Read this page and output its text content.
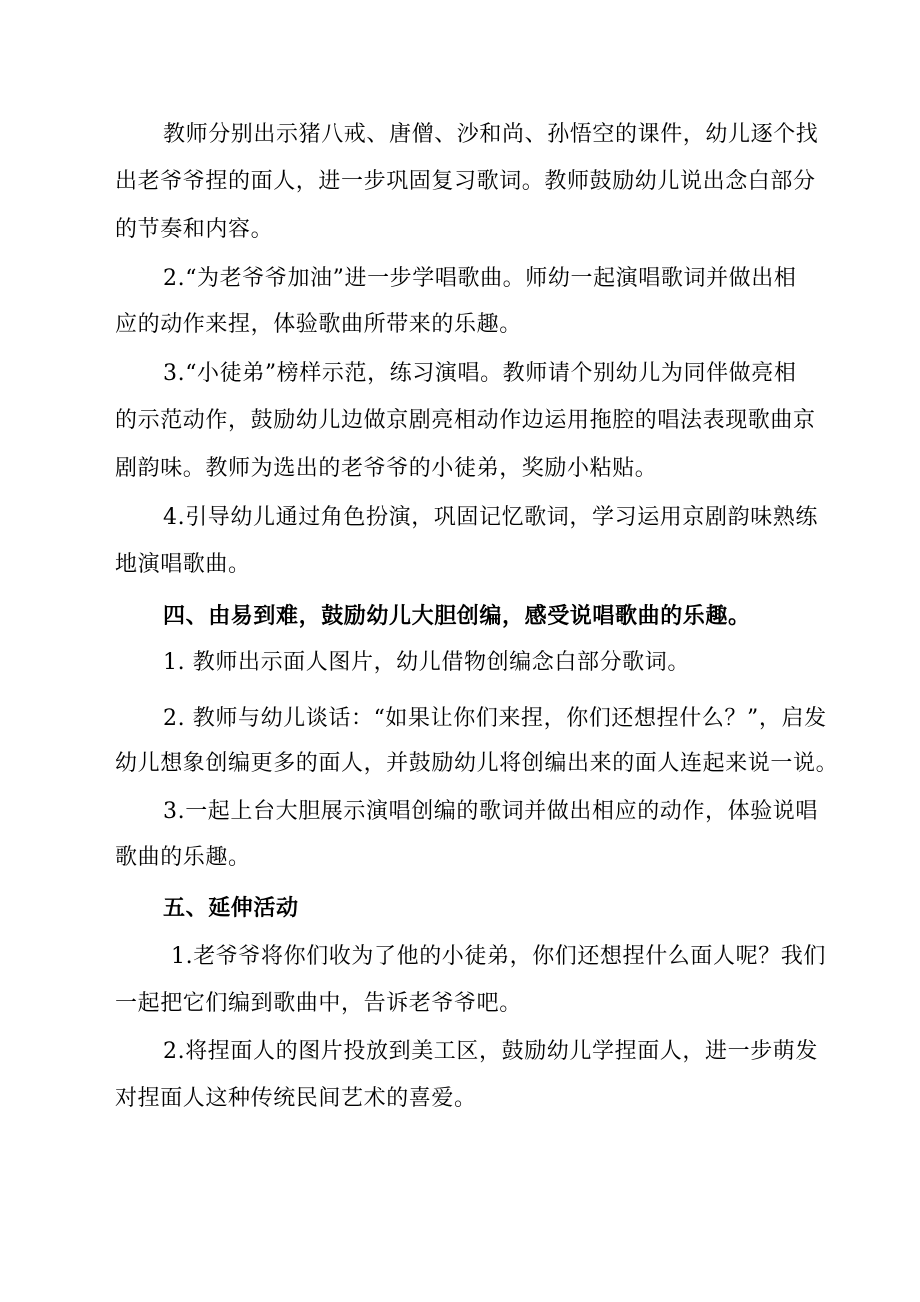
教师分别出示猪八戒、唐僧、沙和尚、孙悟空的课件，幼儿逐个找
出老爷爷捏的面人，进一步巩固复习歌词。教师鼓励幼儿说出念白部分
的节奏和内容。
2.“为老爷爷加油”进一步学唱歌曲。师幼一起演唱歌词并做出相
应的动作来捏，体验歌曲所带来的乐趣。
3.“小徒弟”榜样示范，练习演唱。教师请个别幼儿为同伴做亮相
的示范动作，鼓励幼儿边做京剧亮相动作边运用拖腔的唱法表现歌曲京
剧韵味。教师为选出的老爷爷的小徒弟，奖励小粘贴。
4.引导幼儿通过角色扮演，巩固记忆歌词，学习运用京剧韵味熟练
地演唱歌曲。
四、由易到难，鼓励幼儿大胆创编，感受说唱歌曲的乐趣。
1. 教师出示面人图片，幼儿借物创编念白部分歌词。
2. 教师与幼儿谈话：“如果让你们来捏，你们还想捏什么？”，启发
幼儿想象创编更多的面人，并鼓励幼儿将创编出来的面人连起来说一说。
3.一起上台大胆展示演唱创编的歌词并做出相应的动作，体验说唱
歌曲的乐趣。
五、延伸活动
1.老爷爷将你们收为了他的小徒弟，你们还想捏什么面人呢？我们
一起把它们编到歌曲中，告诉老爷爷吧。
2.将捏面人的图片投放到美工区，鼓励幼儿学捏面人，进一步萌发
对捏面人这种传统民间艺术的喜爱。
